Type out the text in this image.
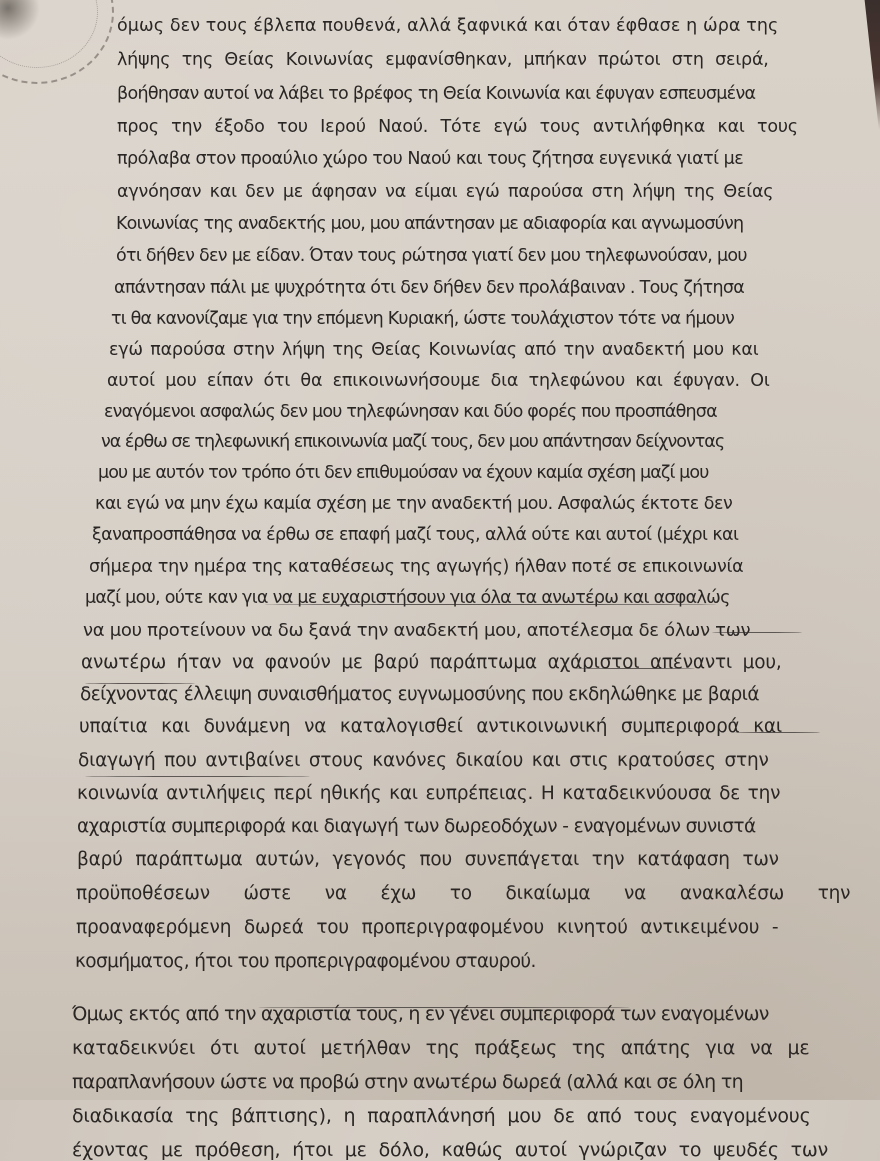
όμως δεν τους έβλεπα πουθενά, αλλά ξαφνικά και όταν έφθασε η ώρα της
λήψης της Θείας Κοινωνίας εμφανίσθηκαν, μπήκαν πρώτοι στη σειρά,
βοήθησαν αυτοί να λάβει το βρέφος τη Θεία Κοινωνία και έφυγαν εσπευσμένα
προς την έξοδο του Ιερού Ναού. Τότε εγώ τους αντιλήφθηκα και τους
πρόλαβα στον προαύλιο χώρο του Ναού και τους ζήτησα ευγενικά γιατί με
αγνόησαν και δεν με άφησαν να είμαι εγώ παρούσα στη λήψη της Θείας
Κοινωνίας της αναδεκτής μου, μου απάντησαν με αδιαφορία και αγνωμοσύνη
ότι δήθεν δεν με είδαν. Όταν τους ρώτησα γιατί δεν μου τηλεφωνούσαν, μου
απάντησαν πάλι με ψυχρότητα ότι δεν δήθεν δεν προλάβαιναν . Τους ζήτησα
τι θα κανονίζαμε για την επόμενη Κυριακή, ώστε τουλάχιστον τότε να ήμουν
εγώ παρούσα στην λήψη της Θείας Κοινωνίας από την αναδεκτή μου και
αυτοί μου είπαν ότι θα επικοινωνήσουμε δια τηλεφώνου και έφυγαν. Οι
εναγόμενοι ασφαλώς δεν μου τηλεφώνησαν και δύο φορές που προσπάθησα
να έρθω σε τηλεφωνική επικοινωνία μαζί τους, δεν μου απάντησαν δείχνοντας
μου με αυτόν τον τρόπο ότι δεν επιθυμούσαν να έχουν καμία σχέση μαζί μου
και εγώ να μην έχω καμία σχέση με την αναδεκτή μου. Ασφαλώς έκτοτε δεν
ξαναπροσπάθησα να έρθω σε επαφή μαζί τους, αλλά ούτε και αυτοί (μέχρι και
σήμερα την ημέρα της καταθέσεως της αγωγής) ήλθαν ποτέ σε επικοινωνία
μαζί μου, ούτε καν για να με ευχαριστήσουν για όλα τα ανωτέρω και ασφαλώς
να μου προτείνουν να δω ξανά την αναδεκτή μου, αποτέλεσμα δε όλων των
ανωτέρω ήταν να φανούν με βαρύ παράπτωμα αχάριστοι απέναντι μου,
δείχνοντας έλλειψη συναισθήματος ευγνωμοσύνης που εκδηλώθηκε με βαριά
υπαίτια και δυνάμενη να καταλογισθεί αντικοινωνική συμπεριφορά και
διαγωγή που αντιβαίνει στους κανόνες δικαίου και στις κρατούσες στην
κοινωνία αντιλήψεις περί ηθικής και ευπρέπειας. Η καταδεικνύουσα δε την
αχαριστία συμπεριφορά και διαγωγή των δωρεοδόχων - εναγομένων συνιστά
βαρύ παράπτωμα αυτών, γεγονός που συνεπάγεται την κατάφαση των
προϋποθέσεων ώστε να έχω το δικαίωμα να ανακαλέσω την
προαναφερόμενη δωρεά του προπεριγραφομένου κινητού αντικειμένου -
κοσμήματος, ήτοι του προπεριγραφομένου σταυρού.
Όμως εκτός από την αχαριστία τους, η εν γένει συμπεριφορά των εναγομένων
καταδεικνύει ότι αυτοί μετήλθαν της πράξεως της απάτης για να με
παραπλανήσουν ώστε να προβώ στην ανωτέρω δωρεά (αλλά και σε όλη τη
διαδικασία της βάπτισης), η παραπλάνησή μου δε από τους εναγομένους
έχοντας με πρόθεση, ήτοι με δόλο, καθώς αυτοί γνώριζαν το ψευδές των
